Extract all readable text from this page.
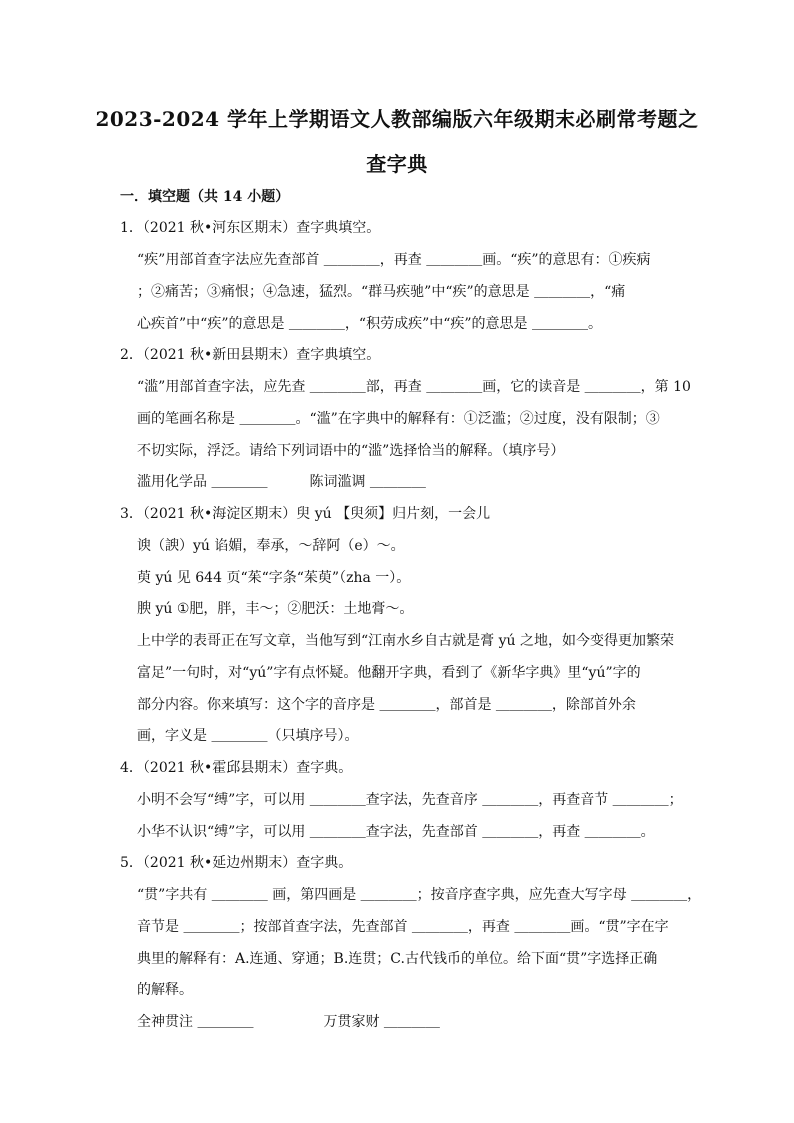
2023-2024 学年上学期语文人教部编版六年级期末必刷常考题之
查字典
一．填空题（共 14 小题）
1．（2021 秋•河东区期末）查字典填空。
“疾”用部首查字法应先查部首 ＿＿＿＿，再查 ＿＿＿＿画。“疾”的意思有：①疾病
；②痛苦；③痛恨；④急速，猛烈。“群马疾驰”中“疾”的意思是 ＿＿＿＿，“痛
心疾首”中“疾”的意思是 ＿＿＿＿，“积劳成疾”中“疾”的意思是 ＿＿＿＿。
2．（2021 秋•新田县期末）查字典填空。
“滥”用部首查字法，应先查 ＿＿＿＿部，再查 ＿＿＿＿画，它的读音是 ＿＿＿＿，第 10
画的笔画名称是 ＿＿＿＿。“滥”在字典中的解释有：①泛滥；②过度，没有限制；③
不切实际，浮泛。请给下列词语中的“滥”选择恰当的解释。（填序号）
滥用化学品 ＿＿＿＿　　　陈词滥调 ＿＿＿＿
3．（2021 秋•海淀区期末）臾 yú 【臾须】归片刻，一会儿
谀（諛）yú 谄媚，奉承，～辞阿（e）～。
萸 yú 见 644 页“茱“字条“茱萸”（zha 一）。
腴 yú ①肥，胖，丰～；②肥沃：土地膏～。
上中学的表哥正在写文章，当他写到“江南水乡自古就是膏 yú 之地，如今变得更加繁荣
富足”一句时，对“yú”字有点怀疑。他翻开字典，看到了《新华字典》里“yú”字的
部分内容。你来填写：这个字的音序是 ＿＿＿＿，部首是 ＿＿＿＿，除部首外余
画，字义是 ＿＿＿＿（只填序号）。
4．（2021 秋•霍邱县期末）查字典。
小明不会写“缚”字，可以用 ＿＿＿＿查字法，先查音序 ＿＿＿＿，再查音节 ＿＿＿＿；
小华不认识“缚”字，可以用 ＿＿＿＿查字法，先查部首 ＿＿＿＿，再查 ＿＿＿＿。
5．（2021 秋•延边州期末）查字典。
“贯”字共有 ＿＿＿＿ 画，第四画是 ＿＿＿＿；按音序查字典，应先查大写字母 ＿＿＿＿，
音节是 ＿＿＿＿；按部首查字法，先查部首 ＿＿＿＿，再查 ＿＿＿＿画。“贯”字在字
典里的解释有：A.连通、穿通；B.连贯；C.古代钱币的单位。给下面“贯”字选择正确
的解释。
全神贯注 ＿＿＿＿　　　　　万贯家财 ＿＿＿＿
